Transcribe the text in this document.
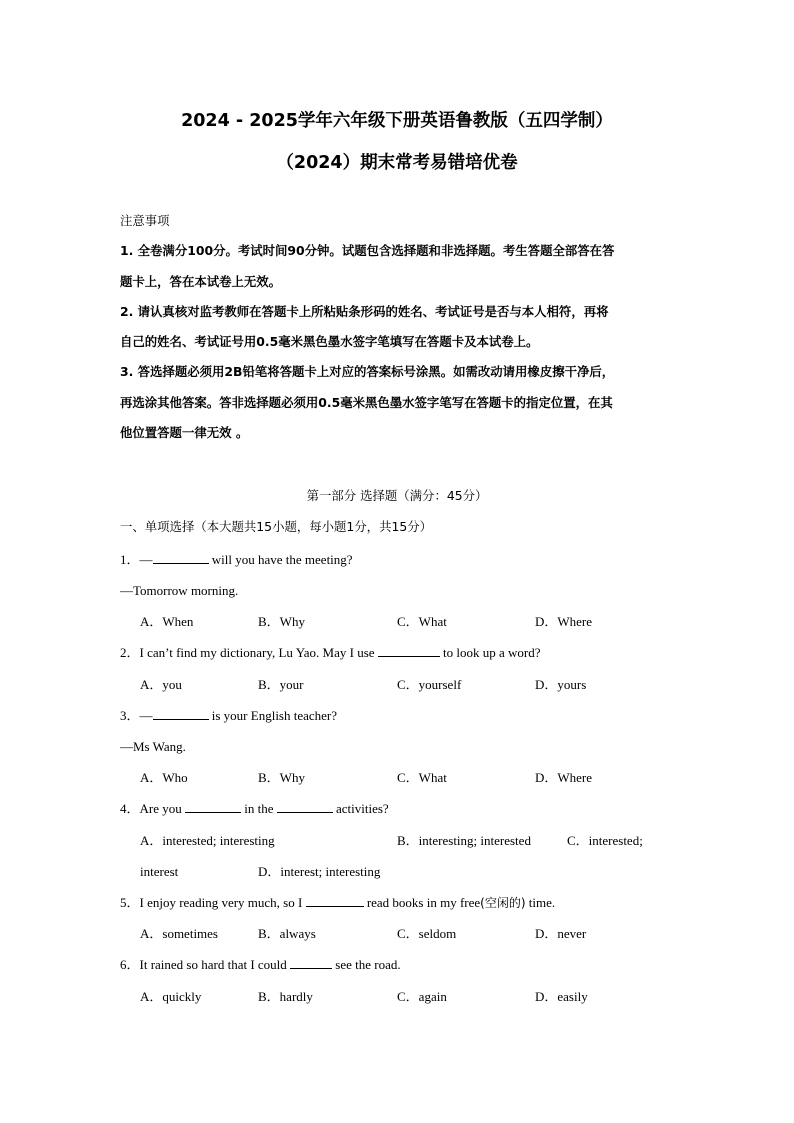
2024 - 2025学年六年级下册英语鲁教版（五四学制）
（2024）期末常考易错培优卷

注意事项

1. 全卷满分100分。考试时间90分钟。试题包含选择题和非选择题。考生答题全部答在答

题卡上，答在本试卷上无效。

2. 请认真核对监考教师在答题卡上所粘贴条形码的姓名、考试证号是否与本人相符，再将

自己的姓名、考试证号用0.5毫米黑色墨水签字笔填写在答题卡及本试卷上。

3. 答选择题必须用2B铅笔将答题卡上对应的答案标号涂黑。如需改动请用橡皮擦干净后，

再选涂其他答案。答非选择题必须用0.5毫米黑色墨水签字笔写在答题卡的指定位置，在其

他位置答题一律无效 。

第一部分 选择题（满分：45分）
一、单项选择（本大题共15小题，每小题1分，共15分）
1．—	will you have the meeting?
—Tomorrow morning.
A．When	B．Why	C．What	D．Where
2．I can’t find my dictionary, Lu Yao. May I use	to look up a word?
A．you	B．your	C．yourself	D．yours
3．—	is your English teacher?
—Ms Wang.
A．Who	B．Why	C．What	D．Where
4．Are you	in the	activities?
A．interested; interesting	B．interesting; interested	C．interested;
interest	D．interest; interesting
5．I enjoy reading very much, so I	read books in my free(空闲的) time.
A．sometimes	B．always	C．seldom	D．never
6．It rained so hard that I could	see the road.
A．quickly	B．hardly	C．again	D．easily
